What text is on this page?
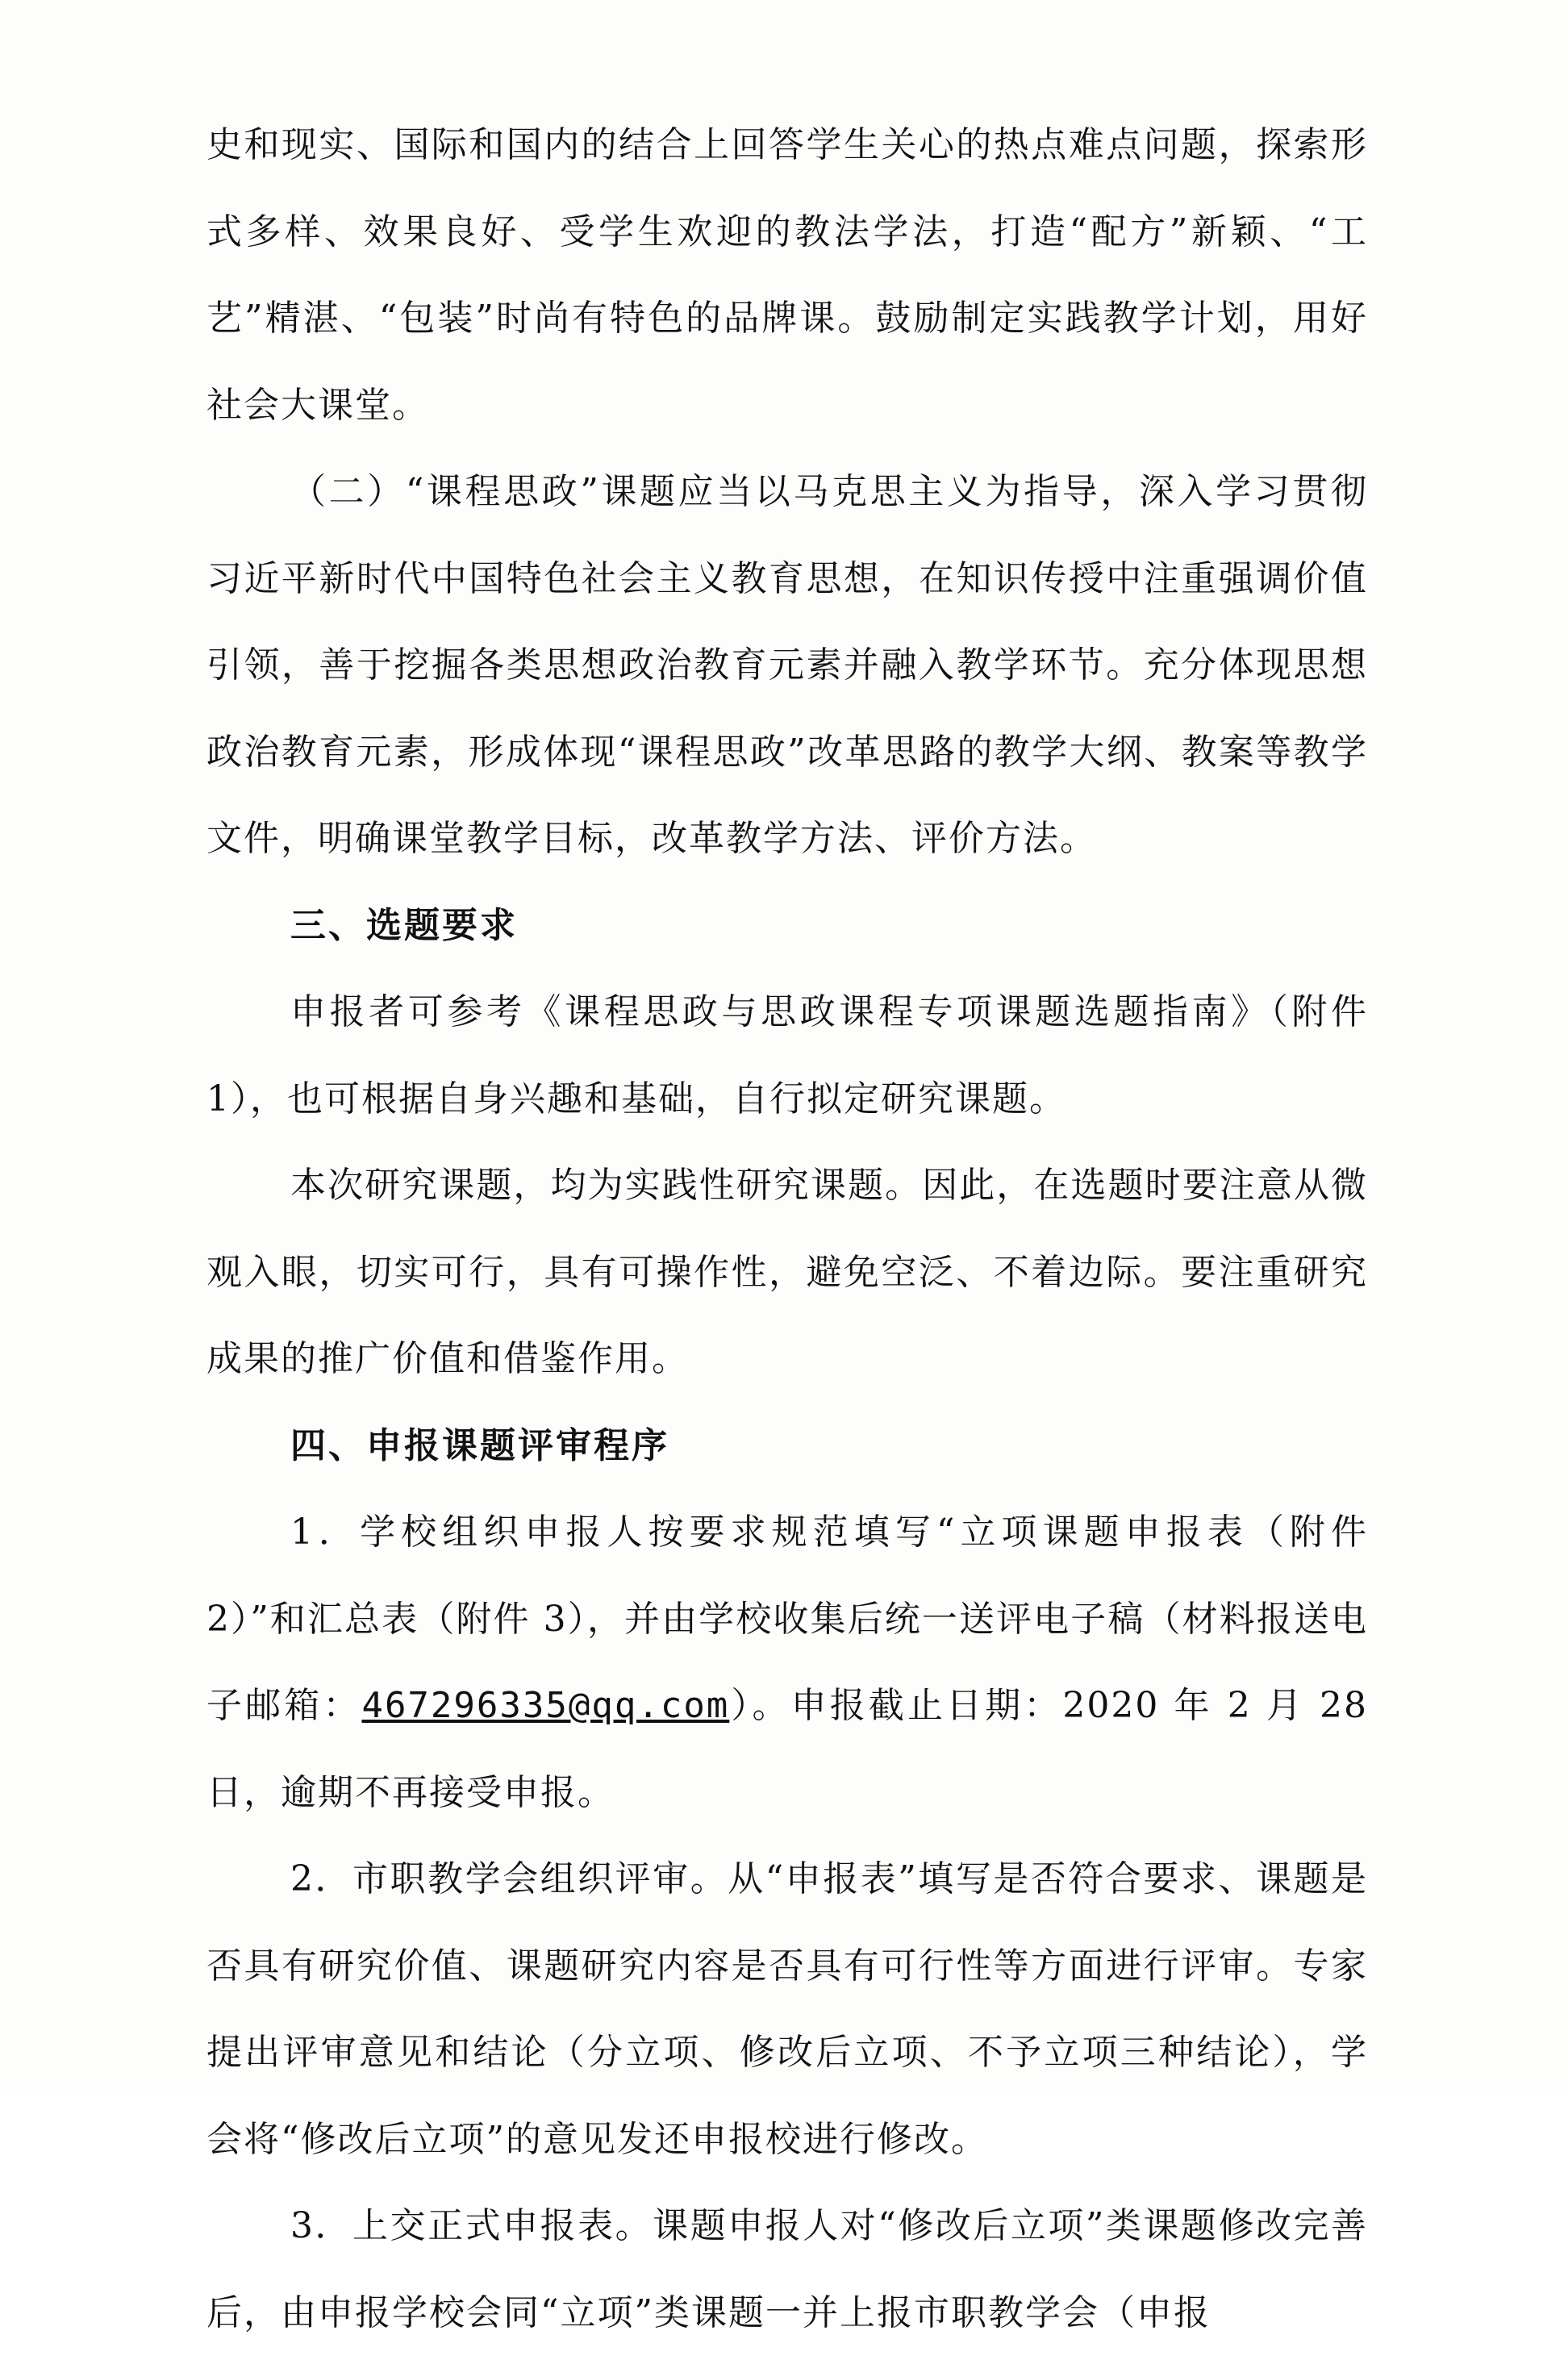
史和现实、国际和国内的结合上回答学生关心的热点难点问题，探索形式多样、效果良好、受学生欢迎的教法学法，打造“配方”新颖、“工艺”精湛、“包装”时尚有特色的品牌课。鼓励制定实践教学计划，用好社会大课堂。

（二）“课程思政”课题应当以马克思主义为指导，深入学习贯彻习近平新时代中国特色社会主义教育思想，在知识传授中注重强调价值引领，善于挖掘各类思想政治教育元素并融入教学环节。充分体现思想政治教育元素，形成体现“课程思政”改革思路的教学大纲、教案等教学文件，明确课堂教学目标，改革教学方法、评价方法。

三、选题要求

申报者可参考《课程思政与思政课程专项课题选题指南》（附件1），也可根据自身兴趣和基础，自行拟定研究课题。

本次研究课题，均为实践性研究课题。因此，在选题时要注意从微观入眼，切实可行，具有可操作性，避免空泛、不着边际。要注重研究成果的推广价值和借鉴作用。

四、申报课题评审程序

1．学校组织申报人按要求规范填写“立项课题申报表（附件 2）”和汇总表（附件 3），并由学校收集后统一送评电子稿（材料报送电子邮箱：467296335@qq.com）。申报截止日期：2020 年 2 月 28 日，逾期不再接受申报。

2．市职教学会组织评审。从“申报表”填写是否符合要求、课题是否具有研究价值、课题研究内容是否具有可行性等方面进行评审。专家提出评审意见和结论（分立项、修改后立项、不予立项三种结论），学会将“修改后立项”的意见发还申报校进行修改。

3．上交正式申报表。课题申报人对“修改后立项”类课题修改完善后，由申报学校会同“立项”类课题一并上报市职教学会（申报
